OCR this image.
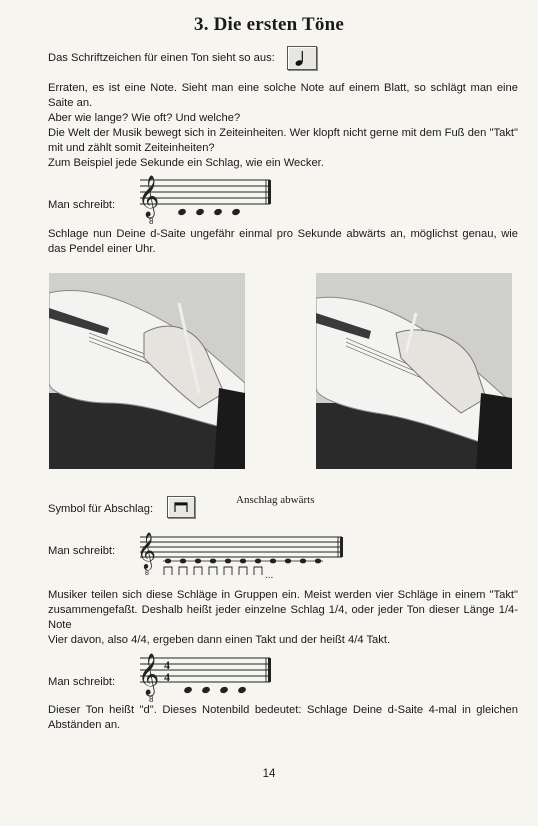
3. Die ersten Töne
Das Schriftzeichen für einen Ton sieht so aus:
Erraten, es ist eine Note. Sieht man eine solche Note auf einem Blatt, so schlägt man eine Saite an.
Aber wie lange? Wie oft? Und welche?
Die Welt der Musik bewegt sich in Zeiteinheiten. Wer klopft nicht gerne mit dem Fuß den "Takt" mit und zählt somit Zeiteinheiten?
Zum Beispiel jede Sekunde ein Schlag, wie ein Wecker.
Man schreibt: 𝄞
8
Schlage nun Deine d-Saite ungefähr einmal pro Sekunde abwärts an, möglichst genau, wie das Pendel einer Uhr.
Anschlag abwärts
Symbol für Abschlag:
Man schreibt: 𝄞
8	...
Musiker teilen sich diese Schläge in Gruppen ein. Meist werden vier Schläge in einem "Takt" zusammengefaßt. Deshalb heißt jeder einzelne Schlag 1/4, oder jeder Ton dieser Länge 1/4-Note
Vier davon, also 4/4, ergeben dann einen Takt und der heißt 4/4 Takt.
Man schreibt: 𝄞
8
4
4
Dieser Ton heißt "d". Dieses Notenbild bedeutet: Schlage Deine d-Saite 4-mal in gleichen Abständen an.
14
